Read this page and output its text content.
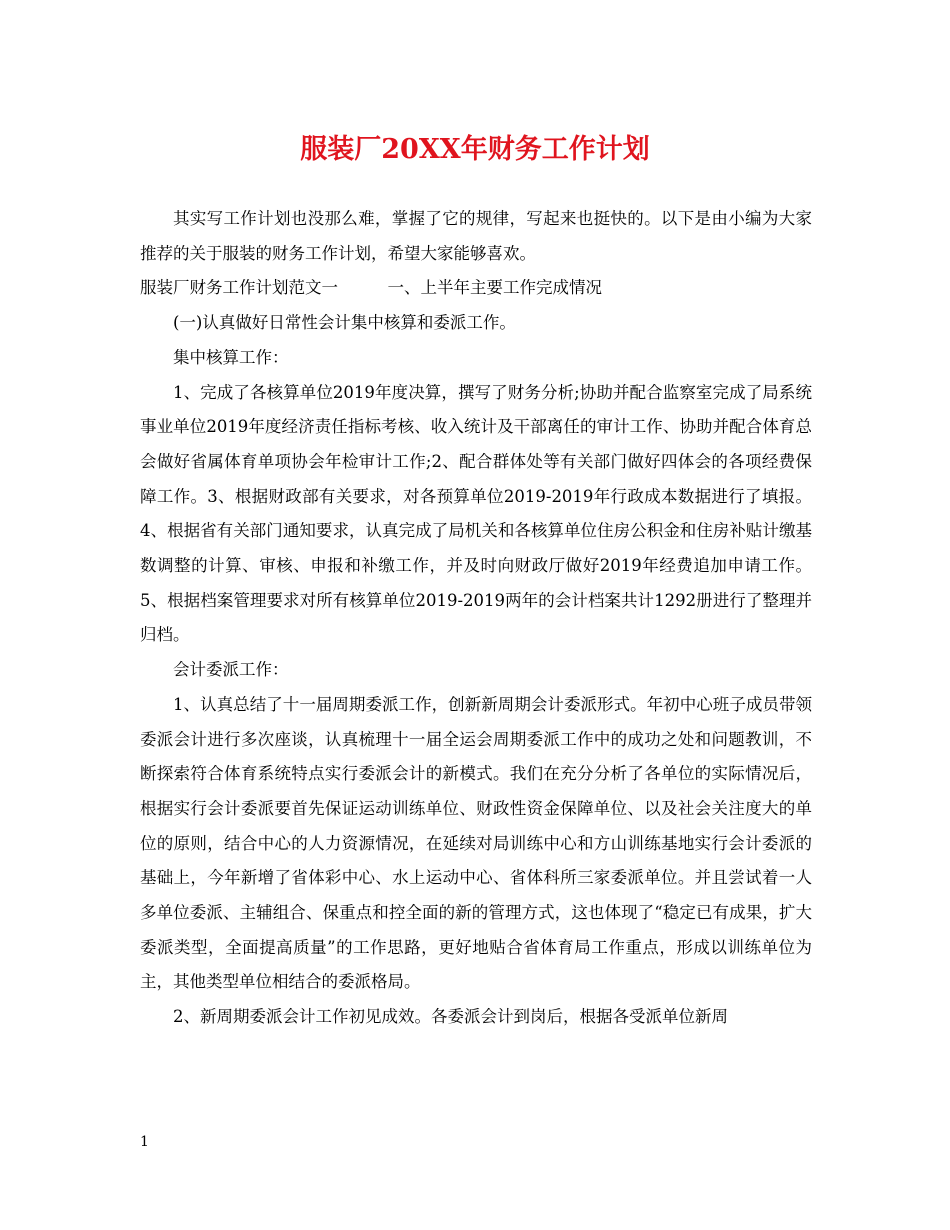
服装厂20XX年财务工作计划

其实写工作计划也没那么难，掌握了它的规律，写起来也挺快的。以下是由小编为大家推荐的关于服装的财务工作计划，希望大家能够喜欢。

服装厂财务工作计划范文一　　　一、上半年主要工作完成情况

(一)认真做好日常性会计集中核算和委派工作。

集中核算工作：

1、完成了各核算单位2019年度决算，撰写了财务分析;协助并配合监察室完成了局系统事业单位2019年度经济责任指标考核、收入统计及干部离任的审计工作、协助并配合体育总会做好省属体育单项协会年检审计工作;2、配合群体处等有关部门做好四体会的各项经费保障工作。3、根据财政部有关要求，对各预算单位2019-2019年行政成本数据进行了填报。4、根据省有关部门通知要求，认真完成了局机关和各核算单位住房公积金和住房补贴计缴基数调整的计算、审核、申报和补缴工作，并及时向财政厅做好2019年经费追加申请工作。5、根据档案管理要求对所有核算单位2019-2019两年的会计档案共计1292册进行了整理并归档。

会计委派工作：

1、认真总结了十一届周期委派工作，创新新周期会计委派形式。年初中心班子成员带领委派会计进行多次座谈，认真梳理十一届全运会周期委派工作中的成功之处和问题教训，不断探索符合体育系统特点实行委派会计的新模式。我们在充分分析了各单位的实际情况后，根据实行会计委派要首先保证运动训练单位、财政性资金保障单位、以及社会关注度大的单位的原则，结合中心的人力资源情况，在延续对局训练中心和方山训练基地实行会计委派的基础上，今年新增了省体彩中心、水上运动中心、省体科所三家委派单位。并且尝试着一人多单位委派、主辅组合、保重点和控全面的新的管理方式，这也体现了“稳定已有成果，扩大委派类型，全面提高质量”的工作思路，更好地贴合省体育局工作重点，形成以训练单位为主，其他类型单位相结合的委派格局。

2、新周期委派会计工作初见成效。各委派会计到岗后，根据各受派单位新周

1
